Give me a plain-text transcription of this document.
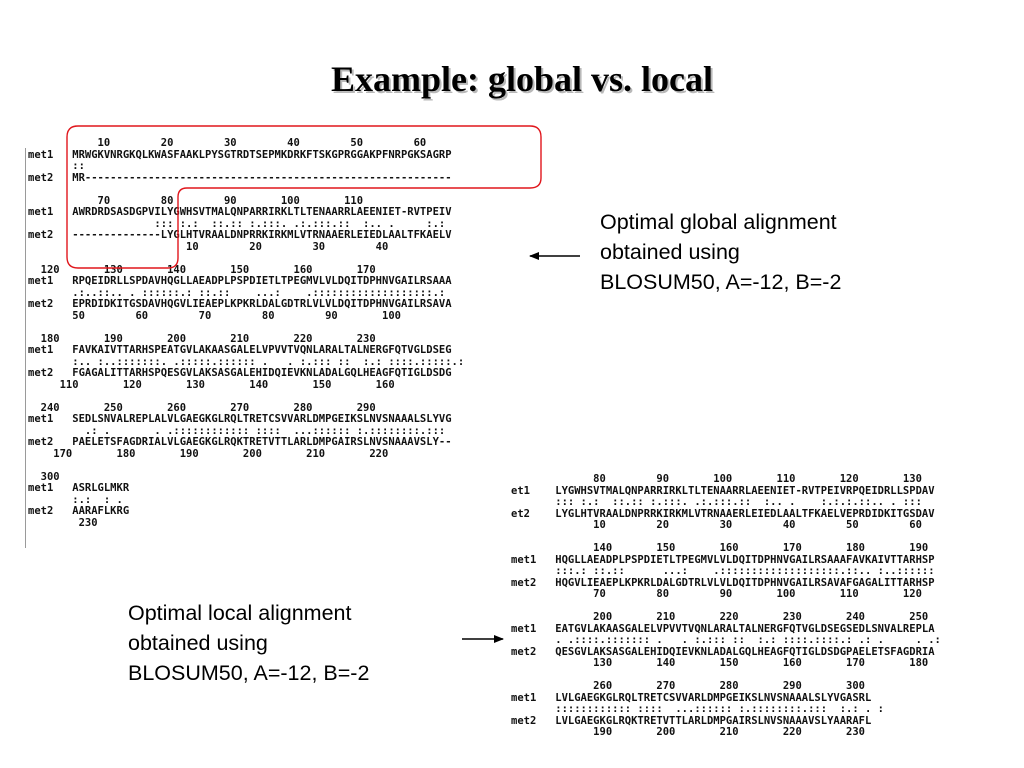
Example: global vs. local
10        20        30        40        50        60
met1   MRWGKVNRGKQLKWASFAAKLPYSGTRDTSEPMKDRKFTSKGPRGGAKPFNRPGKSAGRP
::
met2   MR----------------------------------------------------------
70        80        90       100       110
met1   AWRDRDSASDGPVILYGWHSVTMALQNPARRIRKLTLTENAARRLAEENIET-RVTPEIV
::: :.:  ::.:: :.:::. .:.:::.::  :.. .     :.:
met2   --------------LYGLHTVRAALDNPRRKIRKMLVTRNAAERLEIEDLAALTFKAELV
10        20        30        40
120       130       140       150       160       170
met1   RPQEIDRLLSPDAVHQGLLAEADPLPSPDIETLTPEGMVLVLDQITDPHNVGAILRSAAA
.:..::.. . ::::::.: ::.::    ...:    .:::::::::::::::::::.:
met2   EPRDIDKITGSDAVHQGVLIEAEPLKPKRLDALGDTRLVLVLDQITDPHNVGAILRSAVA
50        60        70        80        90       100
180       190       200       210       220       230
met1   FAVKAIVTTARHSPEATGVLAKAASGALELVPVVTVQNLARALTALNERGFQTVGLDSEG
:.. :..:::::::. .:::::.:::::: .   . :.::: ::  :.: ::::.:::::.:
met2   FGAGALITTARHSPQESGVLAKSASGALEHIDQIEVKNLADALGQLHEAGFQTIGLDSDG
110       120       130       140       150       160
240       250       260       270       280       290
met1   SEDLSNVALREPLALVLGAEGKGLRQLTRETCSVVARLDMPGEIKSLNVSNAAALSLYVG
.: .       . .:::::::::::: ::::  ...:::::: :.::::::::.:::
met2   PAELETSFAGDRIALVLGAEGKGLRQKTRETVTTLARLDMPGAIRSLNVSNAAAVSLY--
170       180       190       200       210       220
300
met1   ASRLGLMKR
:.:  : .
met2   AARAFLKRG
230
80        90       100       110       120       130
et1    LYGWHSVTMALQNPARRIRKLTLTENAARRLAEENIET-RVTPEIVRPQEIDRLLSPDAV
::: :.:  ::.:: :.:::. .:.:::.::  :.. .    :.:.:.::.. . :::
et2    LYGLHTVRAALDNPRRKIRKMLVTRNAAERLEIEDLAALTFKAELVEPRDIDKITGSDAV
10        20        30        40        50        60
140       150       160       170       180       190
met1   HQGLLAEADPLPSPDIETLTPEGMVLVLDQITDPHNVGAILRSAAAFAVKAIVTTARHSP
:::.: ::.::      ...:    .:::::::::::::::::::.::.. :..::::::
met2   HQGVLIEAEPLKPKRLDALGDTRLVLVLDQITDPHNVGAILRSAVAFGAGALITTARHSP
70        80        90       100       110       120
200       210       220       230       240       250
met1   EATGVLAKAASGALELVPVVTVQNLARALTALNERGFQTVGLDSEGSEDLSNVALREPLA
. .::::.::::::: .   . :.::: ::  :.: ::::.::::.: .: .     . .:
met2   QESGVLAKSASGALEHIDQIEVKNLADALGQLHEAGFQTIGLDSDGPAELETSFAGDRIA
130       140       150       160       170       180
260       270       280       290       300
met1   LVLGAEGKGLRQLTRETCSVVARLDMPGEIKSLNVSNAAALSLYVGASRL
:::::::::::: ::::  ...:::::: :.::::::::.:::  :.: . :
met2   LVLGAEGKGLRQKTRETVTTLARLDMPGAIRSLNVSNAAAVSLYAARAFL
190       200       210       220       230
Optimal global alignment
obtained using
BLOSUM50, A=-12, B=-2
Optimal local alignment
obtained using
BLOSUM50, A=-12, B=-2
